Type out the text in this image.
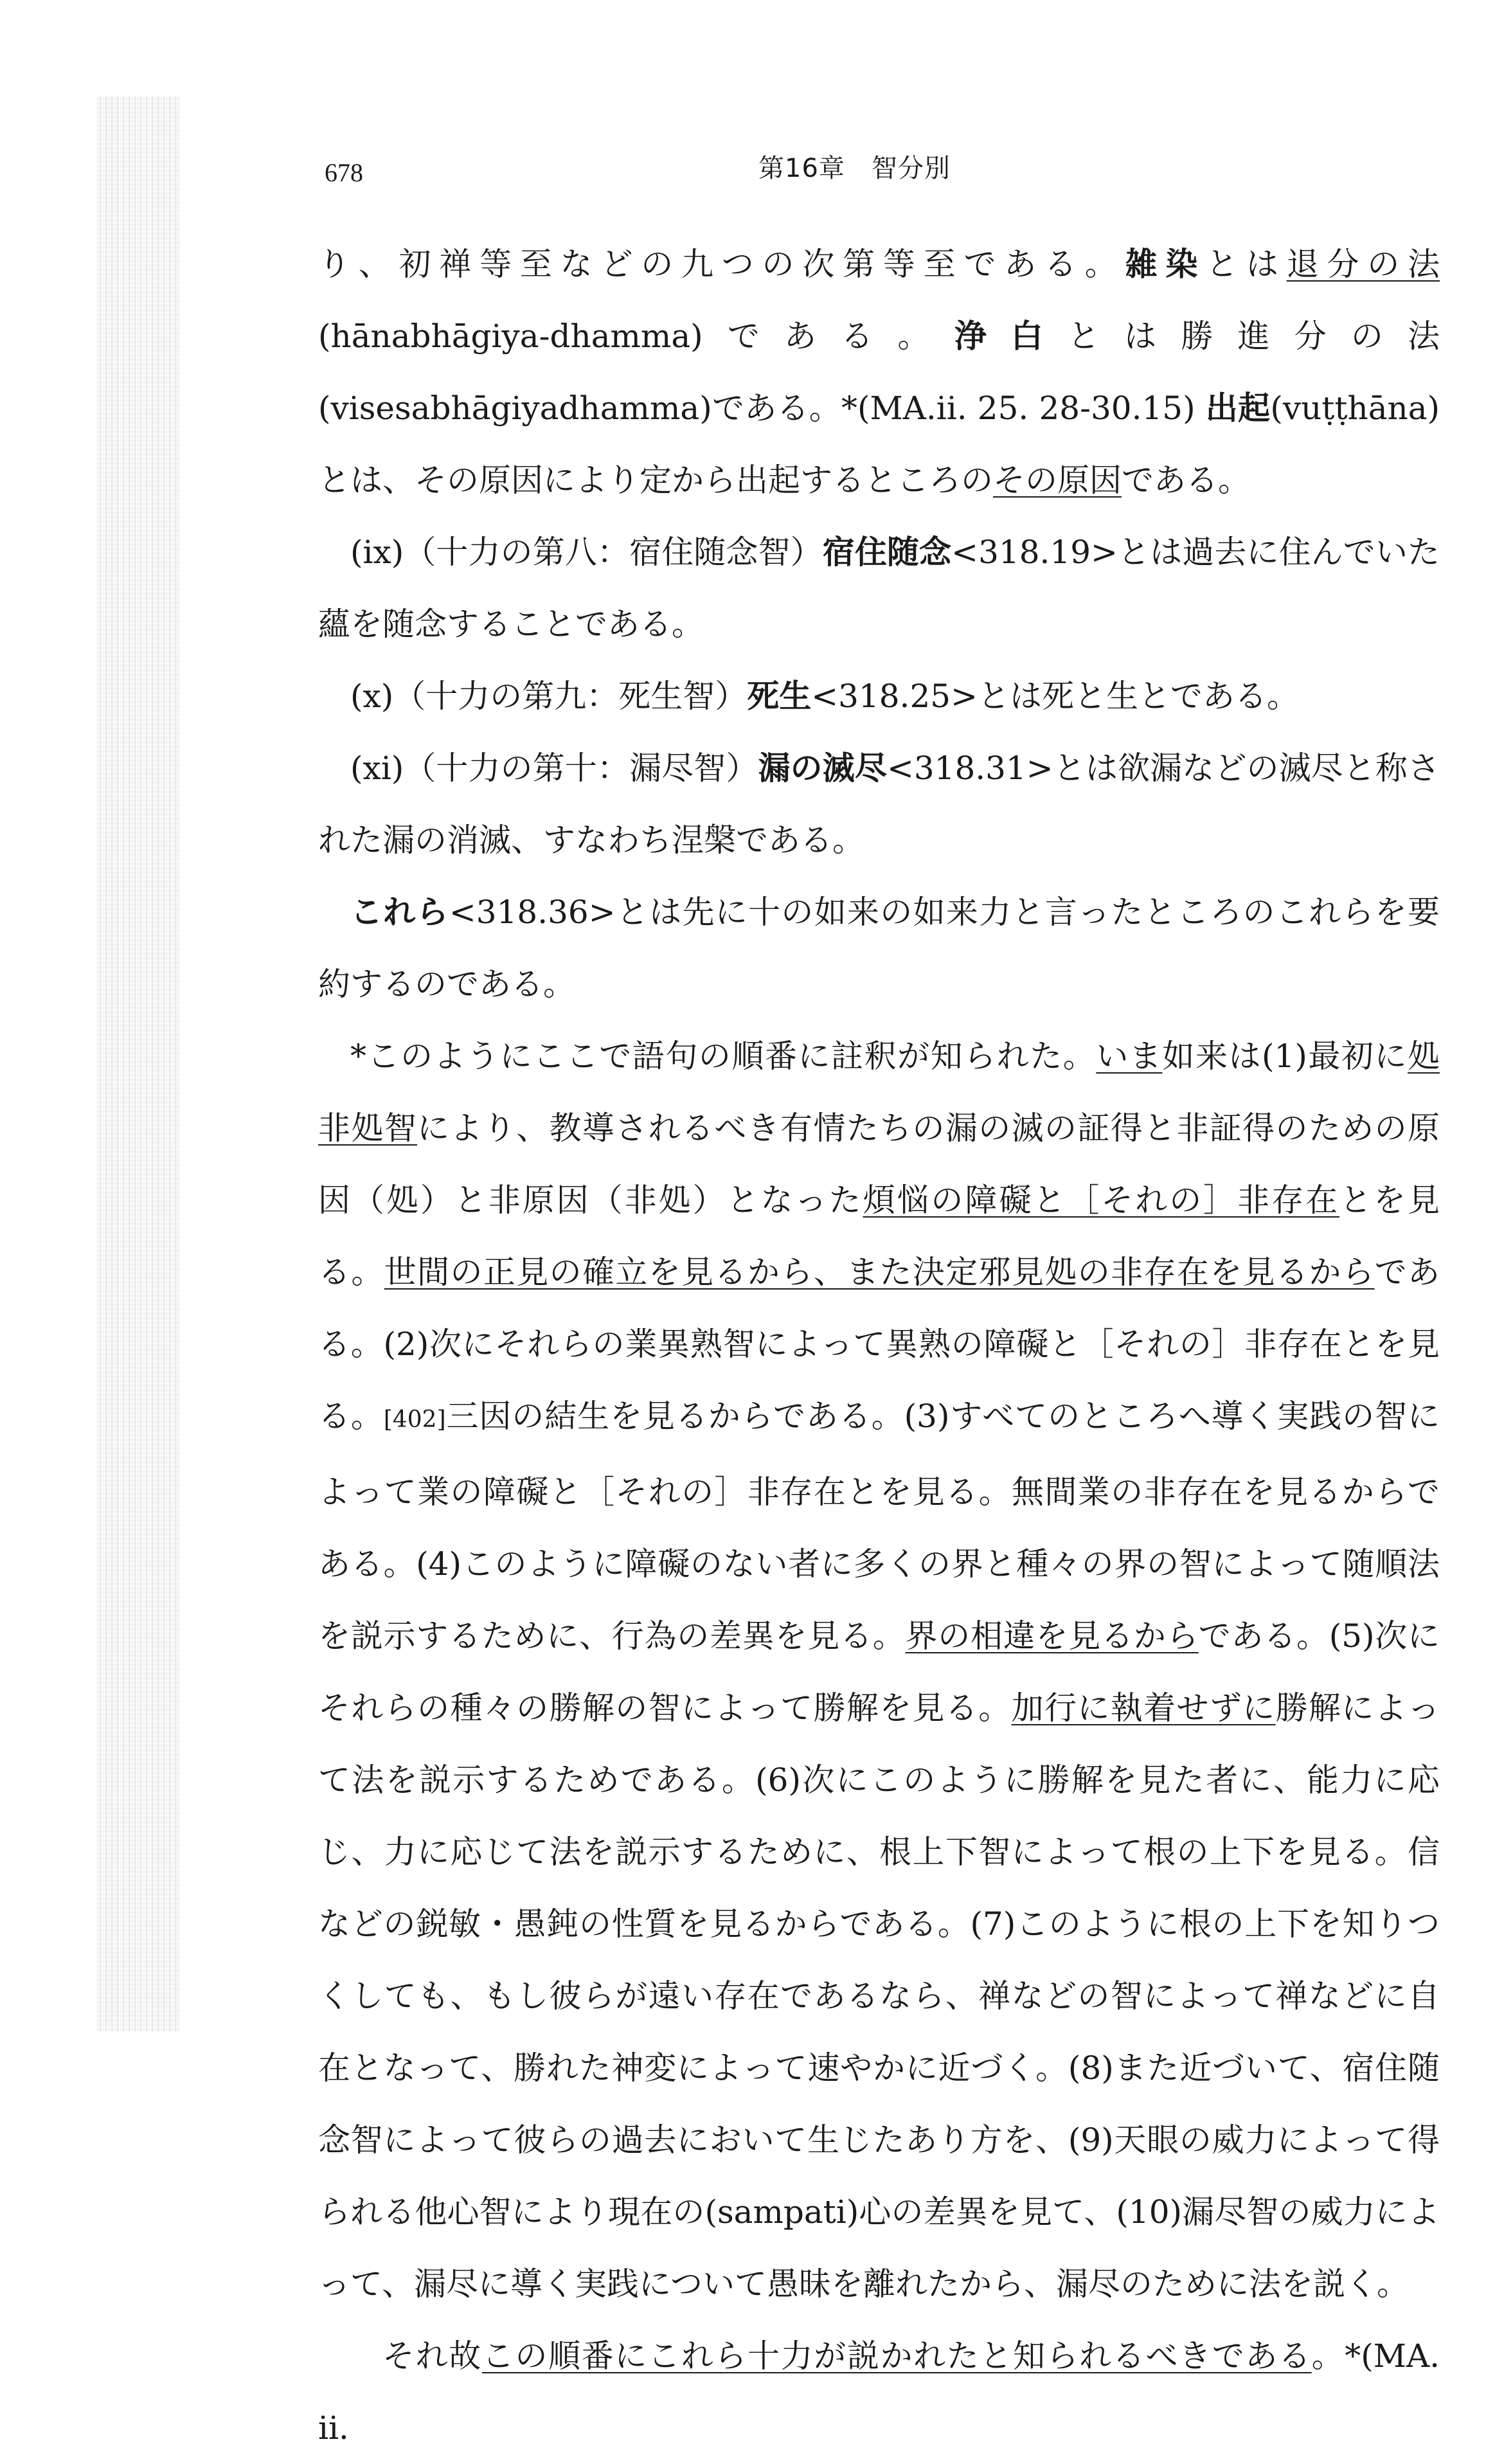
678	第16章　智分別

り、初禅等至などの九つの次第等至である。雑染とは退分の法(hānabhāgiya-dhamma)である。浄白とは勝進分の法(visesabhāgiyadhamma)である。*(MA.ii. 25. 28-30.15) 出起(vuṭṭhāna)とは、その原因により定から出起するところのその原因である。

(ix)（十力の第八：宿住随念智）宿住随念<318.19>とは過去に住んでいた蘊を随念することである。

(x)（十力の第九：死生智）死生<318.25>とは死と生とである。

(xi)（十力の第十：漏尽智）漏の滅尽<318.31>とは欲漏などの滅尽と称された漏の消滅、すなわち涅槃である。

これら<318.36>とは先に十の如来の如来力と言ったところのこれらを要約するのである。

*このようにここで語句の順番に註釈が知られた。いま如来は(1)最初に処非処智により、教導されるべき有情たちの漏の滅の証得と非証得のための原因（処）と非原因（非処）となった煩悩の障礙と［それの］非存在とを見る。世間の正見の確立を見るから、また決定邪見処の非存在を見るからである。(2)次にそれらの業異熟智によって異熟の障礙と［それの］非存在とを見る。[402]三因の結生を見るからである。(3)すべてのところへ導く実践の智によって業の障礙と［それの］非存在とを見る。無間業の非存在を見るからである。(4)このように障礙のない者に多くの界と種々の界の智によって随順法を説示するために、行為の差異を見る。界の相違を見るからである。(5)次にそれらの種々の勝解の智によって勝解を見る。加行に執着せずに勝解によって法を説示するためである。(6)次にこのように勝解を見た者に、能力に応じ、力に応じて法を説示するために、根上下智によって根の上下を見る。信などの鋭敏・愚鈍の性質を見るからである。(7)このように根の上下を知りつくしても、もし彼らが遠い存在であるなら、禅などの智によって禅などに自在となって、勝れた神変によって速やかに近づく。(8)また近づいて、宿住随念智によって彼らの過去において生じたあり方を、(9)天眼の威力によって得られる他心智により現在の(sampati)心の差異を見て、(10)漏尽智の威力によって、漏尽に導く実践について愚昧を離れたから、漏尽のために法を説く。

それ故この順番にこれら十力が説かれたと知られるべきである。*(MA. ii.
